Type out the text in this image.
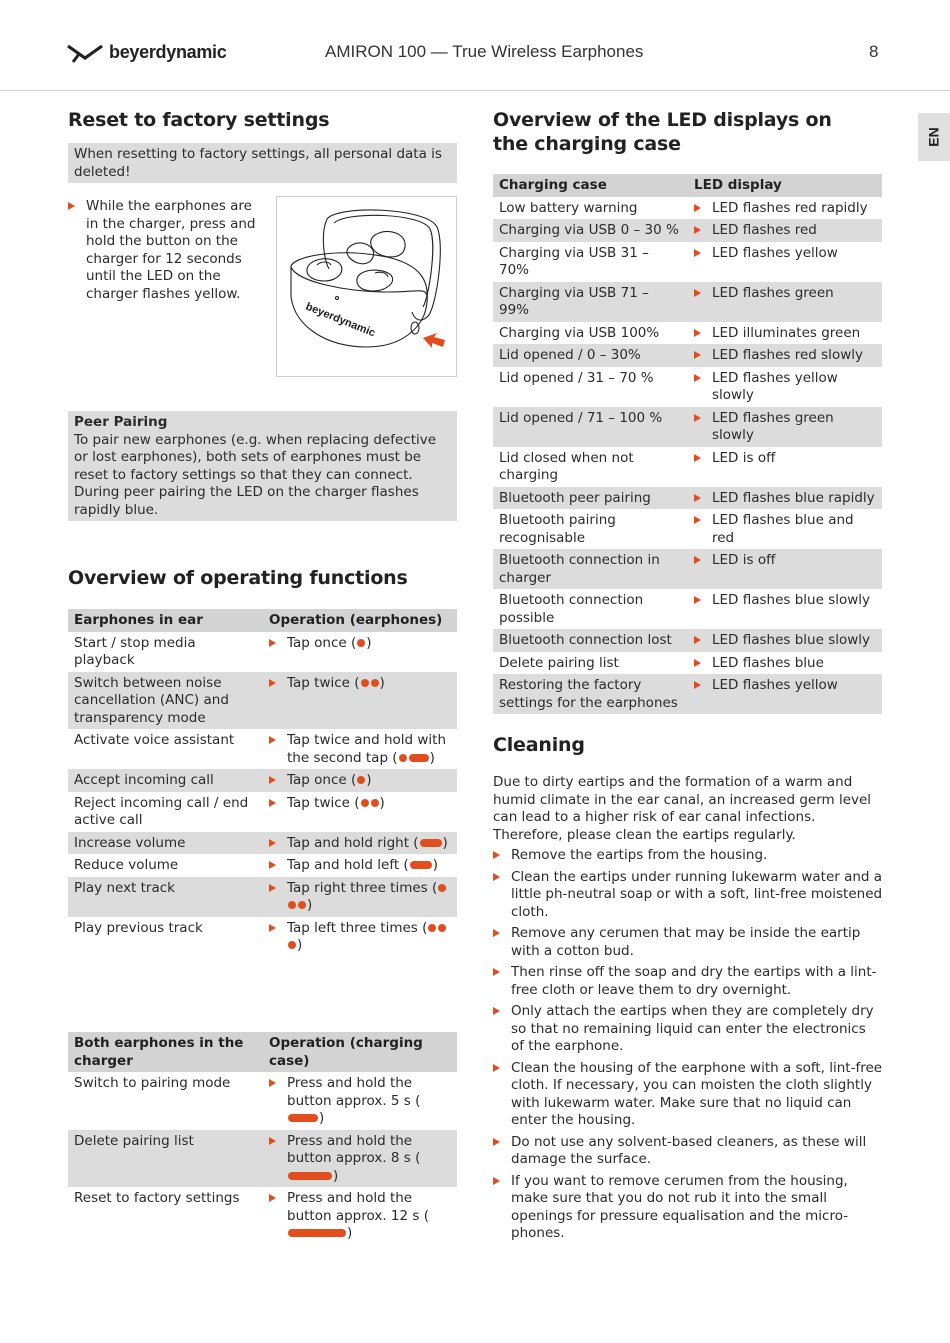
beyerdynamic	AMIRON 100 — True Wireless Earphones	8
EN
Reset to factory settings
When resetting to factory settings, all personal data is deleted!
While the earphones are in the charger, press and hold the button on the charger for 12 seconds until the LED on the charger flashes yellow.
beyerdynamic
Peer Pairing
To pair new earphones (e.g. when replacing defective or lost earphones), both sets of earphones must be reset to factory settings so that they can connect. During peer pairing the LED on the charger flashes rapidly blue.
Overview of operating functions
Earphones in ear	Operation (earphones)
Start / stop media playback	Tap once ( )

Switch between noise cancellation (ANC) and transparency mode	Tap twice ( )

Activate voice assistant	Tap twice and hold with the second tap ( )

Accept incoming call	Tap once ( )

Reject incoming call / end active call	Tap twice ( )

Increase volume	Tap and hold right ( )

Reduce volume	Tap and hold left ( )

Play next track	Tap right three times ()

Play previous track	Tap left three times ()
Both earphones in the charger	Operation (charging case)
Switch to pairing mode	Press and hold the button approx. 5 s ()

Delete pairing list	Press and hold the button approx. 8 s ()

Reset to factory settings	Press and hold the button approx. 12 s ()
Overview of the LED displays on the charging case
Charging case	LED display
Low battery warning	LED flashes red rapidly

Charging via USB 0 – 30 %	LED flashes red

Charging via USB 31 – 70%	LED flashes yellow

Charging via USB 71 – 99%	LED flashes green

Charging via USB 100%	LED illuminates green

Lid opened / 0 – 30%	LED flashes red slowly

Lid opened / 31 – 70 %	LED flashes yellow slowly

Lid opened / 71 – 100 %	LED flashes green slowly

Lid closed when not charging	LED is off

Bluetooth peer pairing	LED flashes blue rapidly

Bluetooth pairing recognisable	LED flashes blue and red

Bluetooth connection in charger	LED is off

Bluetooth connection possible	LED flashes blue slowly

Bluetooth connection lost	LED flashes blue slowly

Delete pairing list	LED flashes blue

Restoring the factory settings for the earphones	LED flashes yellow
Cleaning
Due to dirty eartips and the formation of a warm and humid climate in the ear canal, an increased germ level can lead to a higher risk of ear canal infections. Therefore, please clean the eartips regularly.
Remove the eartips from the housing.
Clean the eartips under running lukewarm water and a little ph-neutral soap or with a soft, lint-free moistened cloth.
Remove any cerumen that may be inside the eartip with a cotton bud.
Then rinse off the soap and dry the eartips with a lint-free cloth or leave them to dry overnight.
Only attach the eartips when they are completely dry so that no remaining liquid can enter the electronics of the earphone.
Clean the housing of the earphone with a soft, lint-free cloth. If necessary, you can moisten the cloth slightly with lukewarm water. Make sure that no liquid can enter the housing.
Do not use any solvent-based cleaners, as these will damage the surface.
If you want to remove cerumen from the housing, make sure that you do not rub it into the small openings for pressure equalisation and the micro-phones.
